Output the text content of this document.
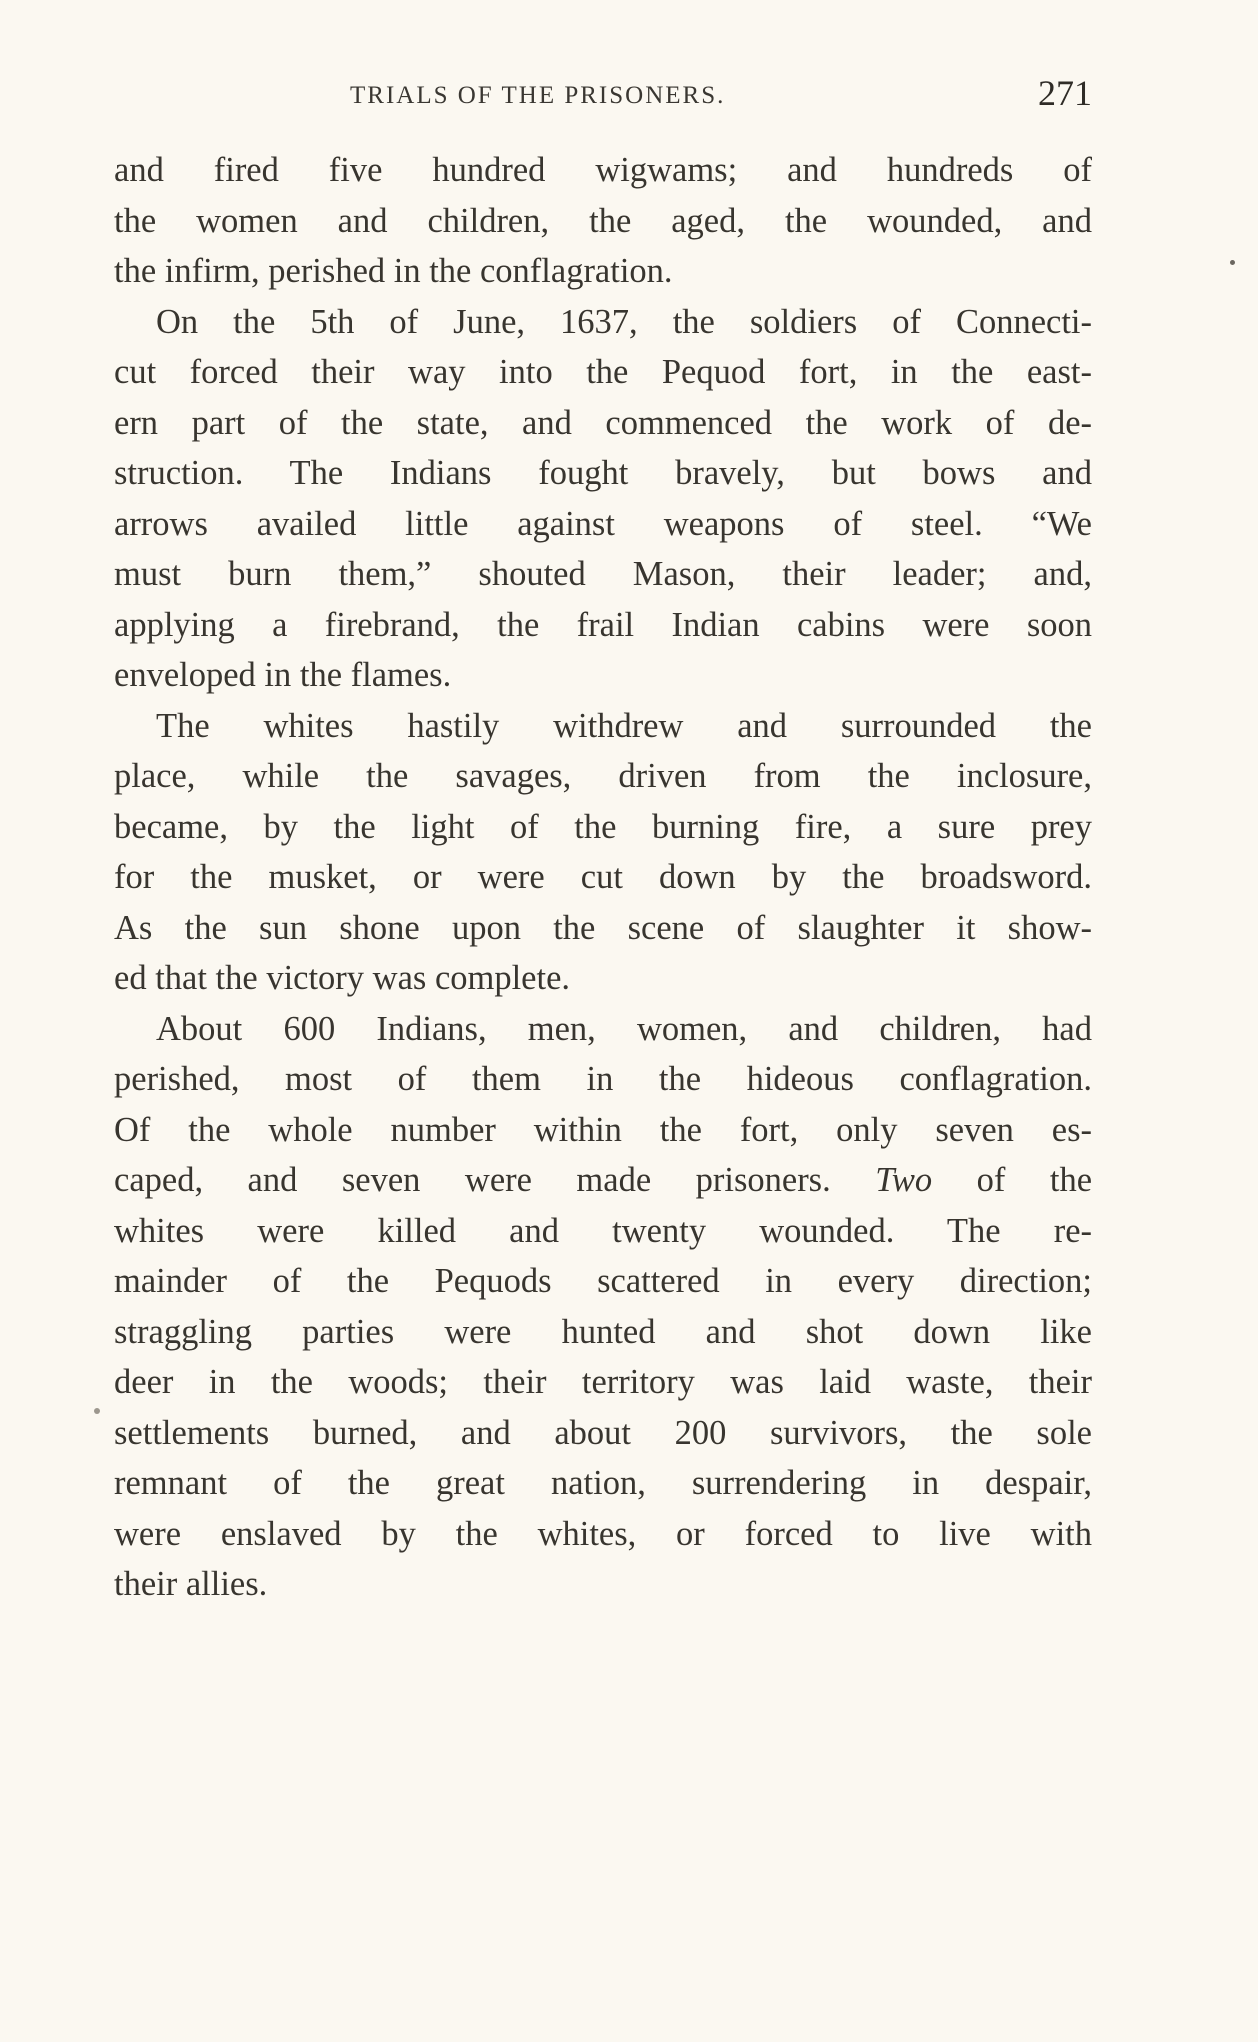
TRIALS OF THE PRISONERS.	271
and fired five hundred wigwams; and hundreds of
the women and children, the aged, the wounded, and
the infirm, perished in the conflagration.
On the 5th of June, 1637, the soldiers of Connecti-
cut forced their way into the Pequod fort, in the east-
ern part of the state, and commenced the work of de-
struction. The Indians fought bravely, but bows and
arrows availed little against weapons of steel. “We
must burn them,” shouted Mason, their leader; and,
applying a firebrand, the frail Indian cabins were soon
enveloped in the flames.
The whites hastily withdrew and surrounded the
place, while the savages, driven from the inclosure,
became, by the light of the burning fire, a sure prey
for the musket, or were cut down by the broadsword.
As the sun shone upon the scene of slaughter it show-
ed that the victory was complete.
About 600 Indians, men, women, and children, had
perished, most of them in the hideous conflagration.
Of the whole number within the fort, only seven es-
caped, and seven were made prisoners. Two of the
whites were killed and twenty wounded. The re-
mainder of the Pequods scattered in every direction;
straggling parties were hunted and shot down like
deer in the woods; their territory was laid waste, their
settlements burned, and about 200 survivors, the sole
remnant of the great nation, surrendering in despair,
were enslaved by the whites, or forced to live with
their allies.
